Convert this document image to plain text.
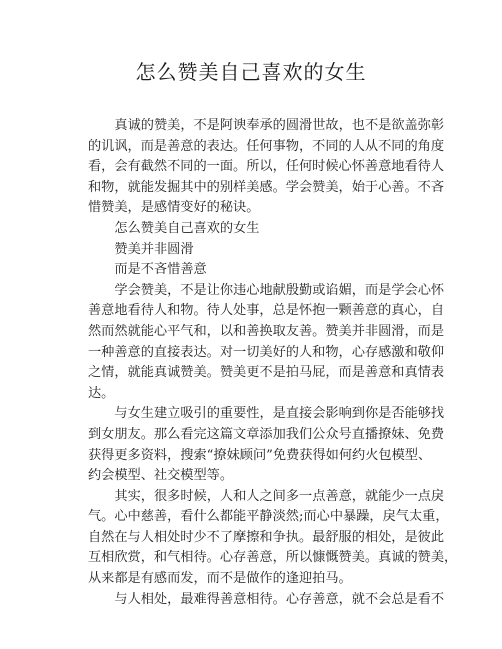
怎么赞美自己喜欢的女生
真诚的赞美，不是阿谀奉承的圆滑世故，也不是欲盖弥彰
的讥讽，而是善意的表达。任何事物，不同的人从不同的角度
看，会有截然不同的一面。所以，任何时候心怀善意地看待人
和物，就能发掘其中的别样美感。学会赞美，始于心善。不吝
惜赞美，是感情变好的秘诀。
怎么赞美自己喜欢的女生
赞美并非圆滑
而是不吝惜善意
学会赞美，不是让你违心地献殷勤或谄媚，而是学会心怀
善意地看待人和物。待人处事，总是怀抱一颗善意的真心，自
然而然就能心平气和，以和善换取友善。赞美并非圆滑，而是
一种善意的直接表达。对一切美好的人和物，心存感激和敬仰
之情，就能真诚赞美。赞美更不是拍马屁，而是善意和真情表
达。
与女生建立吸引的重要性，是直接会影响到你是否能够找
到女朋友。那么看完这篇文章添加我们公众号直播撩妹、免费
获得更多资料，搜索“撩妹顾问”免费获得如何约火包模型、
约会模型、社交模型等。
其实，很多时候，人和人之间多一点善意，就能少一点戾
气。心中慈善，看什么都能平静淡然;而心中暴躁，戾气太重，
自然在与人相处时少不了摩擦和争执。最舒服的相处，是彼此
互相欣赏，和气相待。心存善意，所以慷慨赞美。真诚的赞美，
从来都是有感而发，而不是做作的逢迎拍马。
与人相处，最难得善意相待。心存善意，就不会总是看不
